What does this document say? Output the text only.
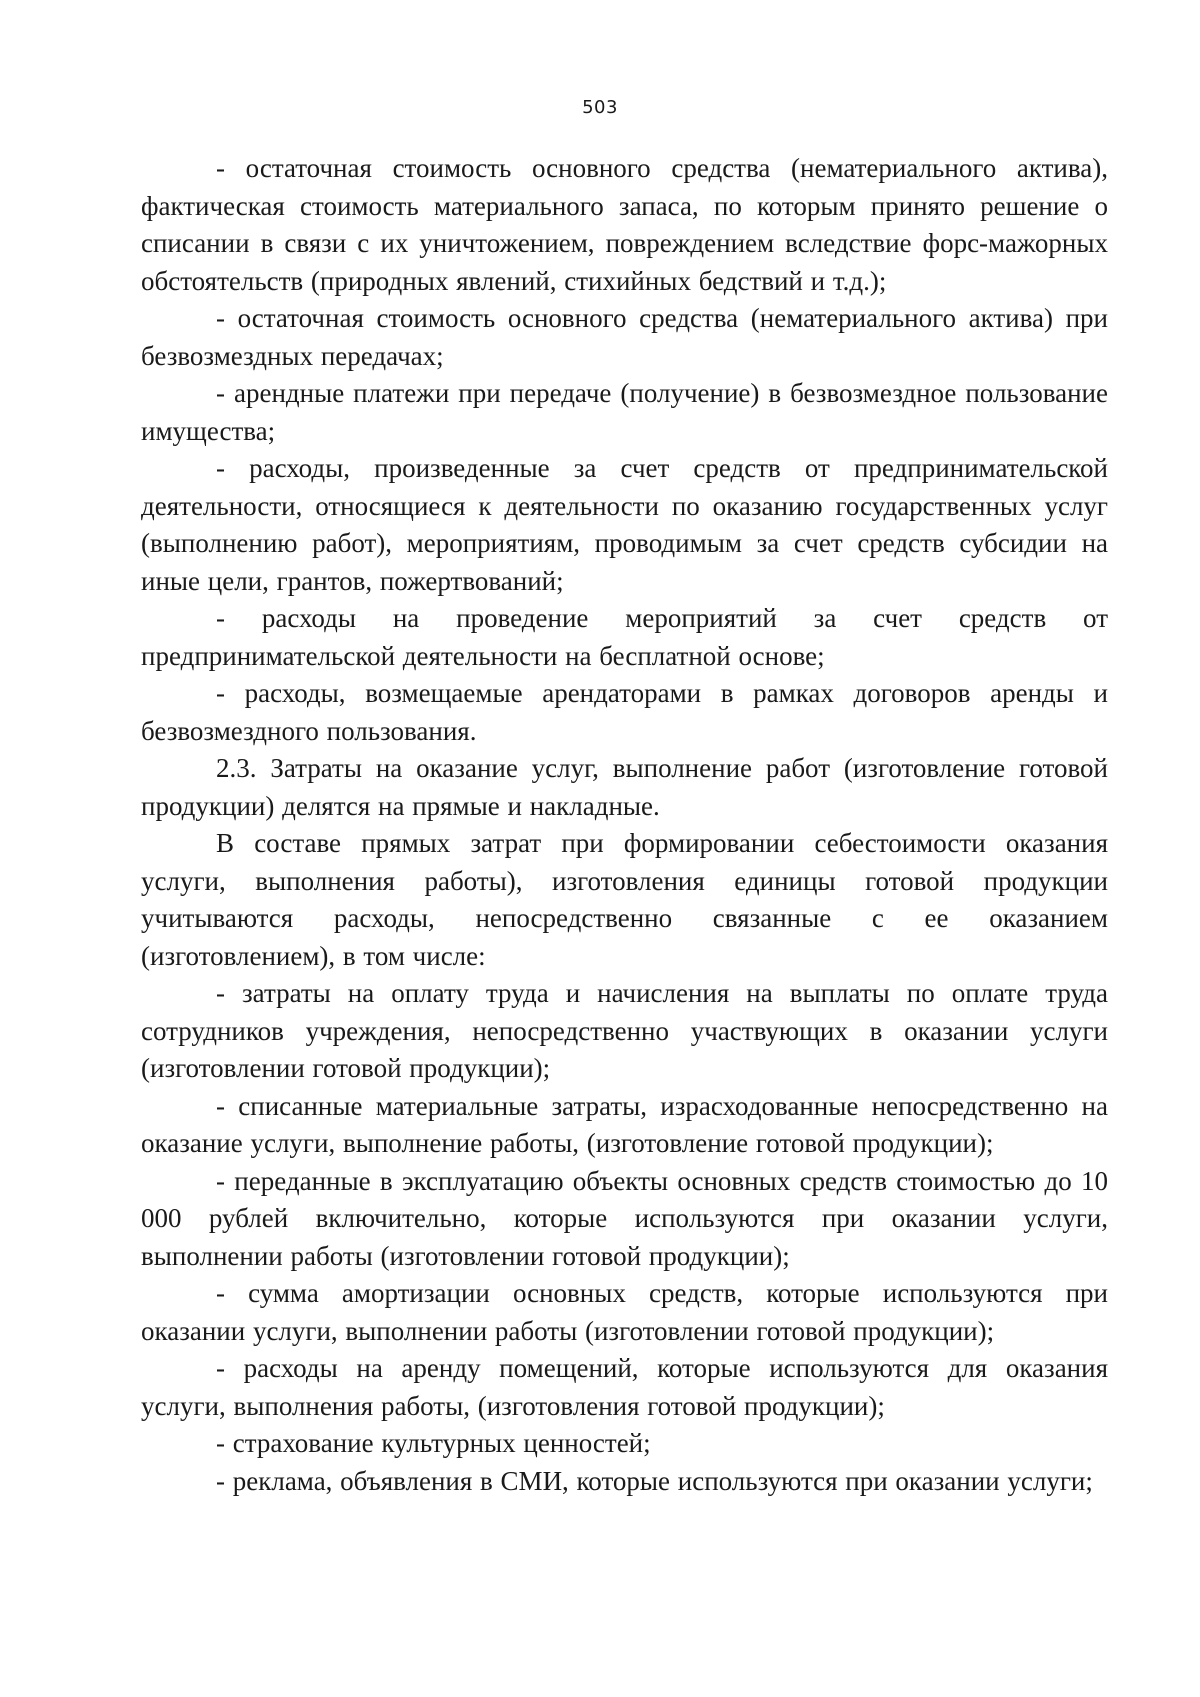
503

- остаточная стоимость основного средства (нематериального актива), фактическая стоимость материального запаса, по которым принято решение о списании в связи с их уничтожением, повреждением вследствие форс-мажорных обстоятельств (природных явлений, стихийных бедствий и т.д.);

- остаточная стоимость основного средства (нематериального актива) при безвозмездных передачах;

- арендные платежи при передаче (получение) в безвозмездное пользование имущества;

- расходы, произведенные за счет средств от предпринимательской деятельности, относящиеся к деятельности по оказанию государственных услуг (выполнению работ), мероприятиям, проводимым за счет средств субсидии на иные цели, грантов, пожертвований;

- расходы на проведение мероприятий за счет средств от предпринимательской деятельности на бесплатной основе;

- расходы, возмещаемые арендаторами в рамках договоров аренды и безвозмездного пользования.

2.3. Затраты на оказание услуг, выполнение работ (изготовление готовой продукции) делятся на прямые и накладные.

В составе прямых затрат при формировании себестоимости оказания услуги, выполнения работы), изготовления единицы готовой продукции учитываются расходы, непосредственно связанные с ее оказанием (изготовлением), в том числе:

- затраты на оплату труда и начисления на выплаты по оплате труда сотрудников учреждения, непосредственно участвующих в оказании услуги (изготовлении готовой продукции);

- списанные материальные затраты, израсходованные непосредственно на оказание услуги, выполнение работы, (изготовление готовой продукции);

- переданные в эксплуатацию объекты основных средств стоимостью до 10 000 рублей включительно, которые используются при оказании услуги, выполнении работы (изготовлении готовой продукции);

- сумма амортизации основных средств, которые используются при оказании услуги, выполнении работы (изготовлении готовой продукции);

- расходы на аренду помещений, которые используются для оказания услуги, выполнения работы, (изготовления готовой продукции);

- страхование культурных ценностей;

- реклама, объявления в СМИ, которые используются при оказании услуги;
